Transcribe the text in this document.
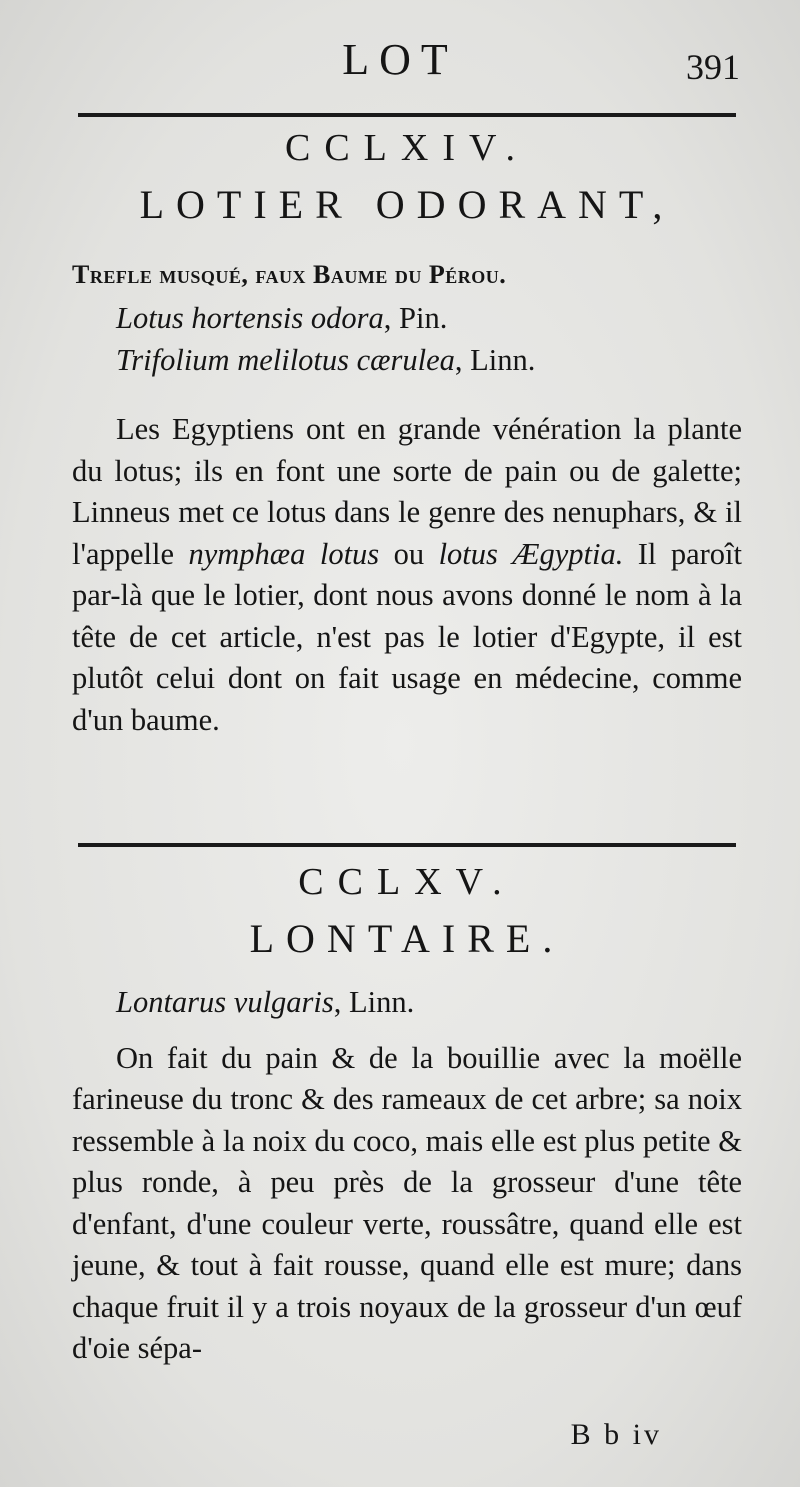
LOT	391
CCLXIV.
LOTIER ODORANT,
Trefle musqué, faux Baume du Pérou.
Lotus hortensis odora, Pin.
Trifolium melilotus cærulea, Linn.

Les Egyptiens ont en grande vénération la plante du lotus; ils en font une sorte de pain ou de galette; Linneus met ce lotus dans le genre des nenuphars, & il l'appelle nymphæa lotus ou lotus Ægyptia. Il paroît par-là que le lotier, dont nous avons donné le nom à la tête de cet article, n'est pas le lotier d'Egypte, il est plutôt celui dont on fait usage en médecine, comme d'un baume.

CCLXV.
LONTAIRE.
Lontarus vulgaris, Linn.

On fait du pain & de la bouillie avec la moëlle farineuse du tronc & des rameaux de cet arbre; sa noix ressemble à la noix du coco, mais elle est plus petite & plus ronde, à peu près de la grosseur d'une tête d'enfant, d'une couleur verte, roussâtre, quand elle est jeune, & tout à fait rousse, quand elle est mure; dans chaque fruit il y a trois noyaux de la grosseur d'un œuf d'oie sépa-

B b iv
